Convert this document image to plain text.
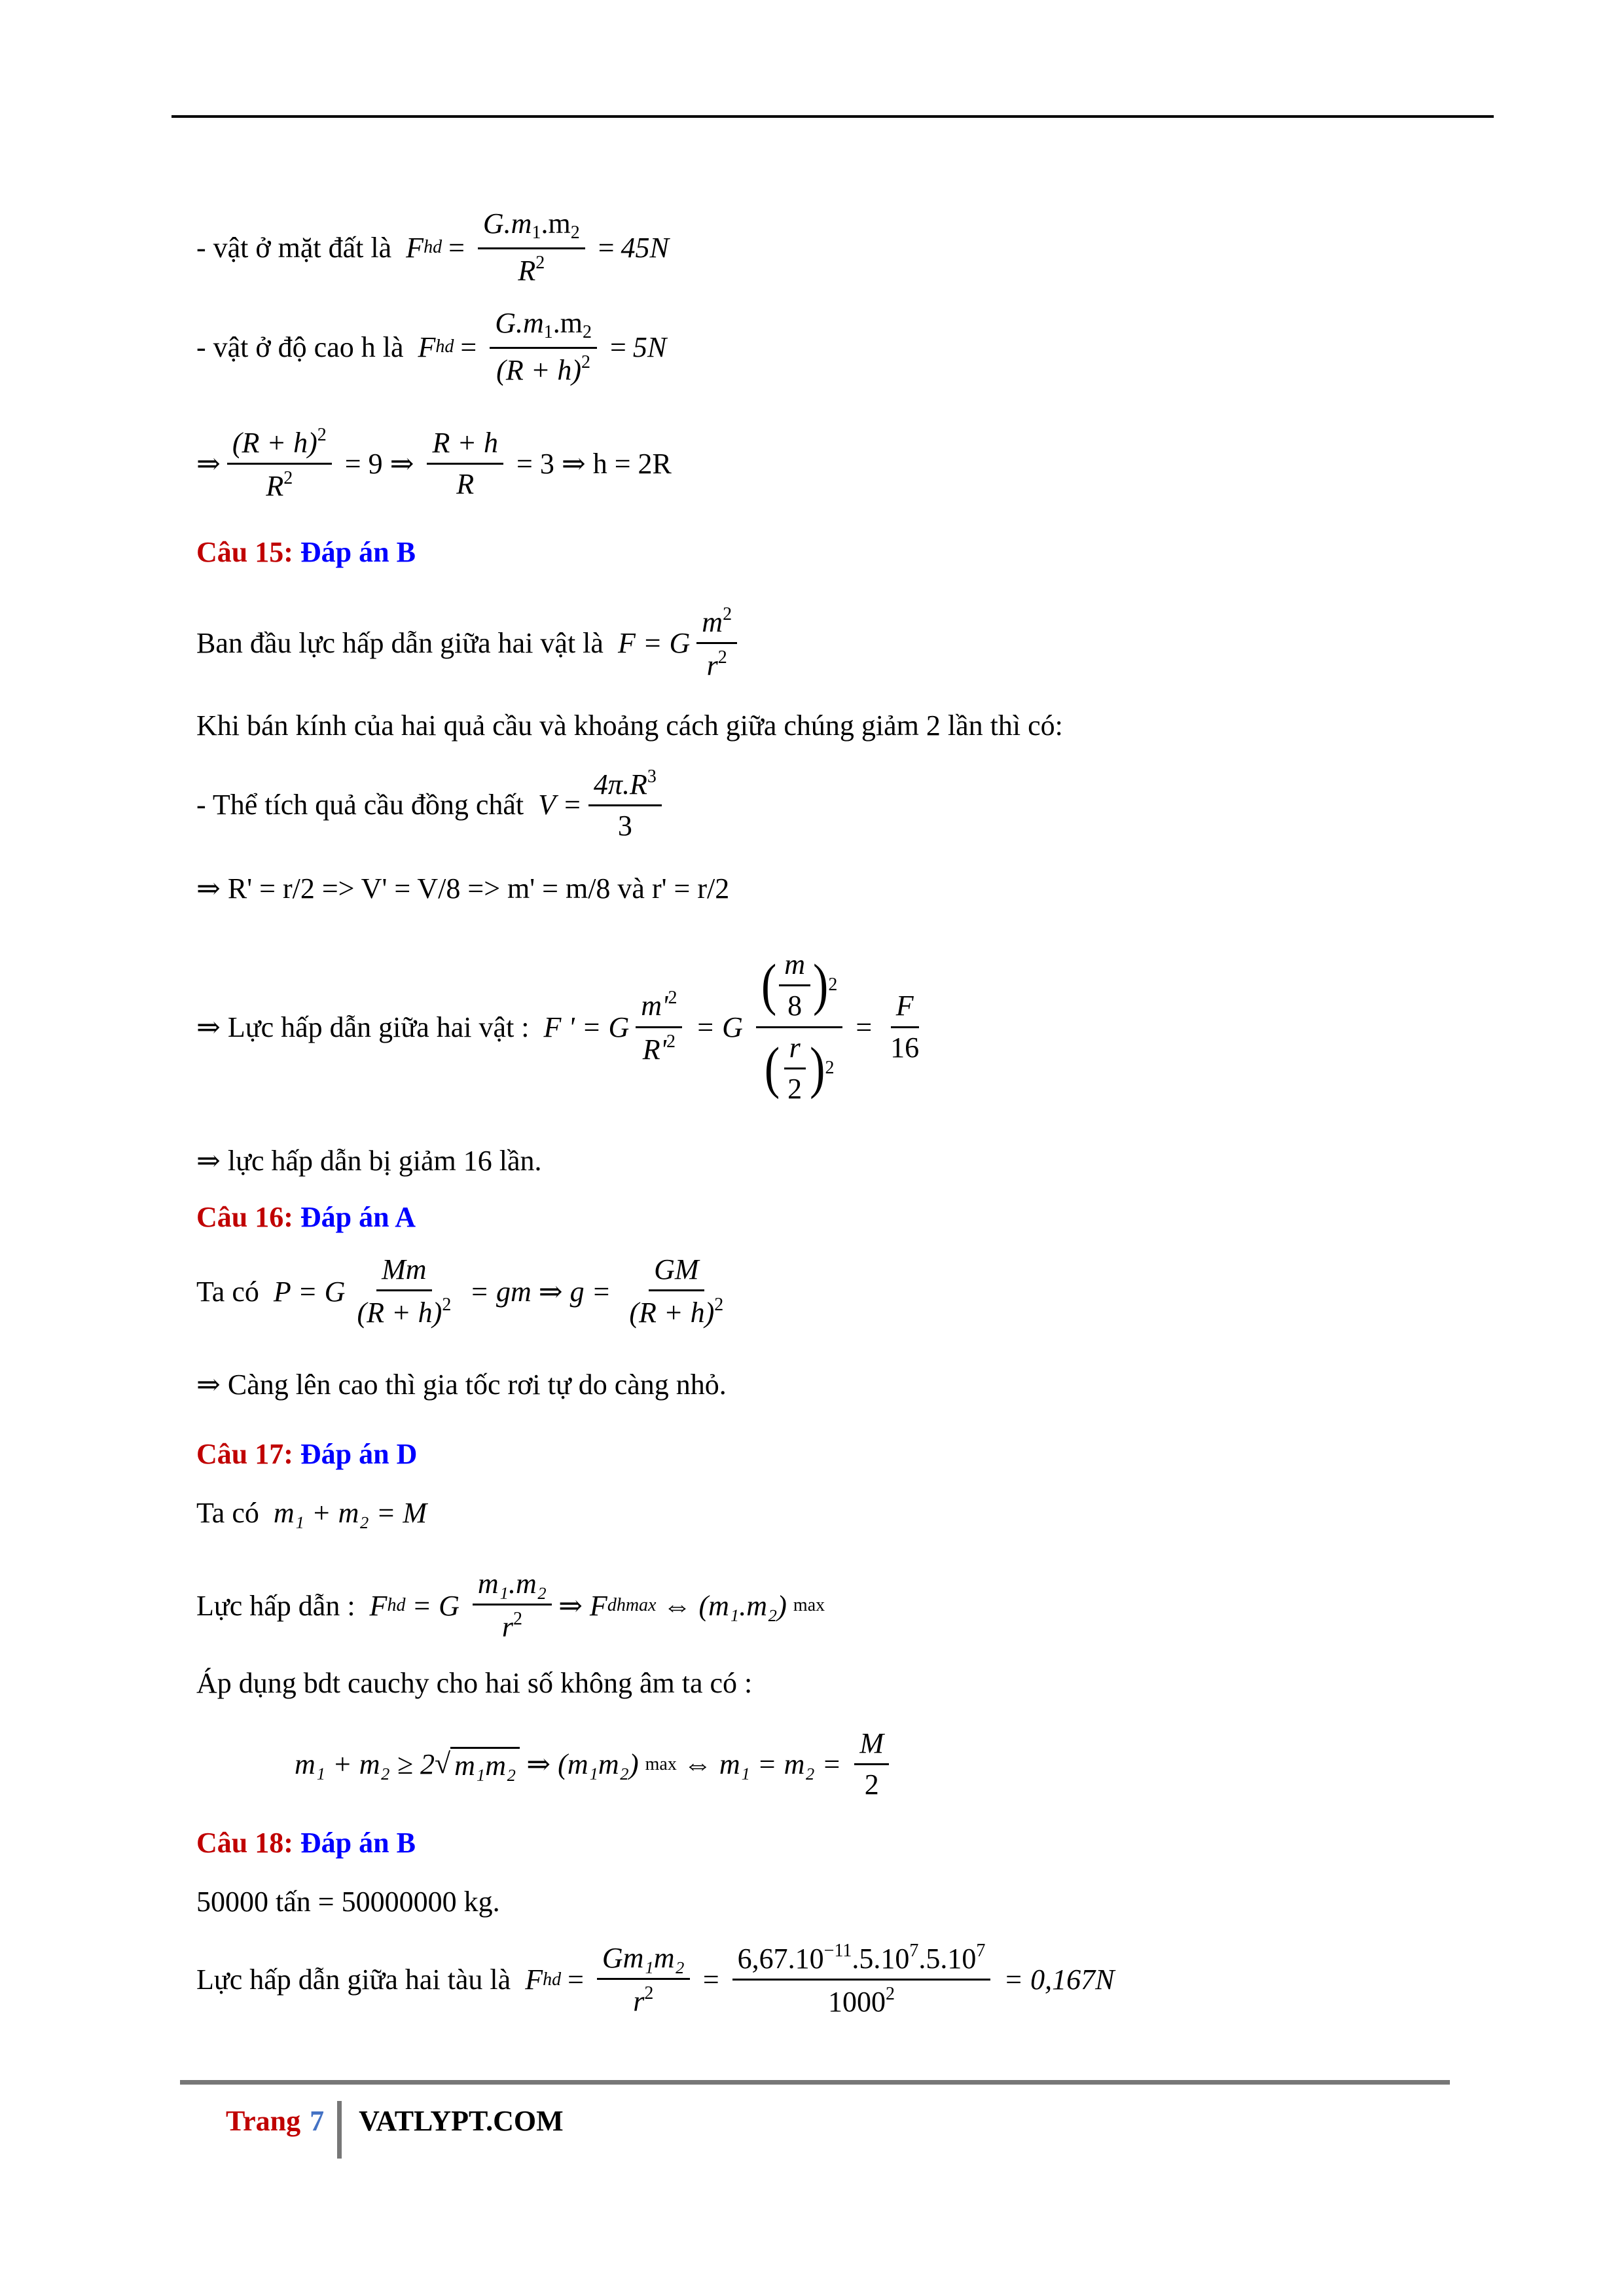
- vật ở mặt đất là F hd = $\frac{G.m_1.m_2}{R^2} = 45N$
- vật ở độ cao h là F hd = $\frac{G.m_1.m_2}{(R + h)^2} = 5N$
⇒ $\frac{(R + h)^2}{R^2} = 9$ ⇒ $\frac{R + h}{R} = 3$ ⇒ h = 2R
Câu 15:
Đáp án B
Ban đầu lực hấp dẫn giữa hai vật là F = G $\frac{m^2}{r^2}$
Khi bán kính của hai quả cầu và khoảng cách giữa chúng giảm 2 lần thì có:
- Thể tích quả cầu đồng chất $V = \frac{4\pi.R^3}{3}$
⇒ R' = r/2 => V' = V/8 => m' = m/8 và r' = r/2
⇒ Lực hấp dẫn giữa hai vật : F ' = G $\frac{m'^2}{R'^2} = G \frac{( \frac{m}{8} ) 2}{( \frac{r}{2} ) 2} = \frac{F}{16}$
⇒ lực hấp dẫn bị giảm 16 lần.
Câu 16:
Đáp án A
Ta có P = G $\frac{Mm}{(R + h)^2}$ = gm ⇒ $g = \frac{GM}{(R + h)^2}$
⇒ Càng lên cao thì gia tốc rơi tự do càng nhỏ.
Câu 17:
Đáp án D
Ta có m₁ + m₂ = M
Lực hấp dẫn : F hd = G $\frac{\text{m₁.m₂}}{r^2}$ ⇒ F dhmax ⇔ (m₁.m₂) max
Áp dụng bdt cauchy cho hai số không âm ta có :
m₁ + m₂ ≥ 2 √ m₁m₂ ⇒ (m₁m₂) max ⇔ $m_1 = m_2 = \frac{M}{2}$
Câu 18:
Đáp án B
50000 tấn = 50000000 kg.
Lực hấp dẫn giữa hai tàu là F hd = $\frac{\text{Gm₁m₂}}{r^2} = \frac{6,67.10^{-11}.5.10^7.5.10^7}{1000^2} = 0,167N$
Trang 7 VATLYPT.COM
